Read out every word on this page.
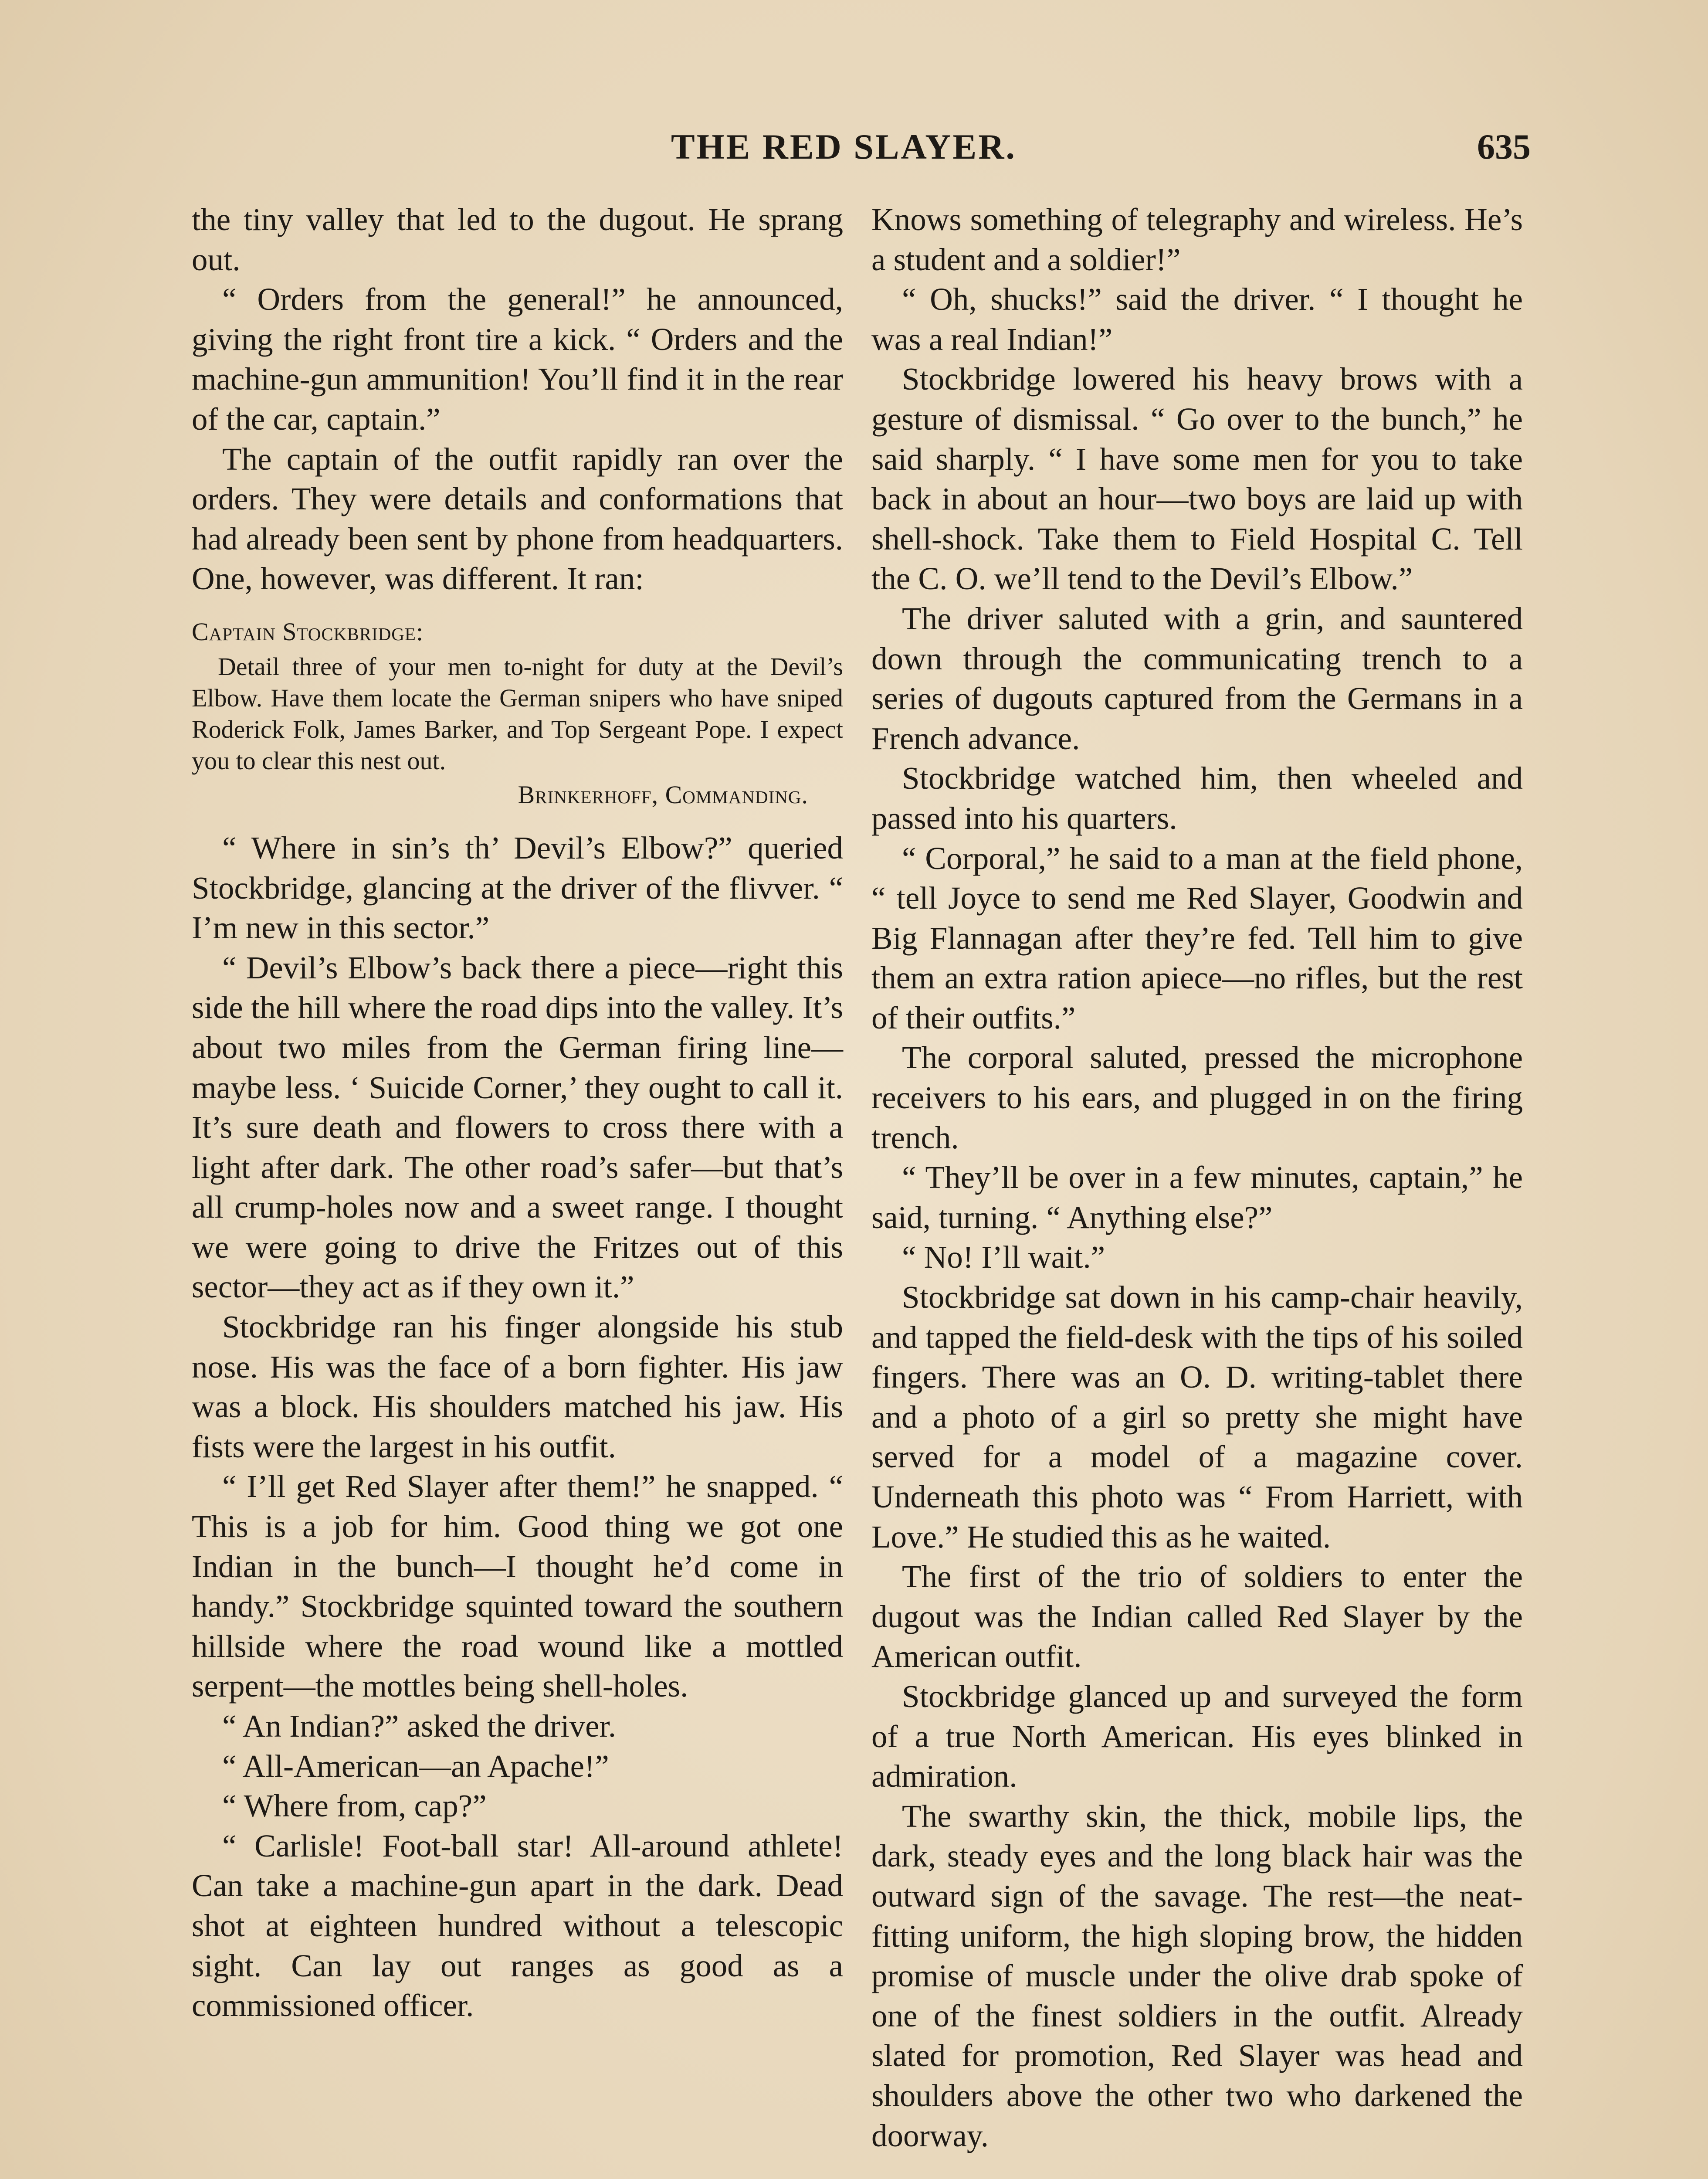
THE RED SLAYER.	635

the tiny valley that led to the dugout. He sprang out.

“ Orders from the general!” he announced, giving the right front tire a kick. “ Orders and the machine-gun ammunition! You’ll find it in the rear of the car, captain.”

The captain of the outfit rapidly ran over the orders. They were details and conformations that had already been sent by phone from headquarters. One, however, was different. It ran:

Captain Stockbridge:
Detail three of your men to-night for duty at the Devil’s Elbow. Have them locate the German snipers who have sniped Roderick Folk, James Barker, and Top Sergeant Pope. I expect you to clear this nest out.
Brinkerhoff, Commanding.

“ Where in sin’s th’ Devil’s Elbow?” queried Stockbridge, glancing at the driver of the flivver. “ I’m new in this sector.”

“ Devil’s Elbow’s back there a piece—right this side the hill where the road dips into the valley. It’s about two miles from the German firing line—maybe less. ‘ Suicide Corner,’ they ought to call it. It’s sure death and flowers to cross there with a light after dark. The other road’s safer—but that’s all crump-holes now and a sweet range. I thought we were going to drive the Fritzes out of this sector—they act as if they own it.”

Stockbridge ran his finger alongside his stub nose. His was the face of a born fighter. His jaw was a block. His shoulders matched his jaw. His fists were the largest in his outfit.

“ I’ll get Red Slayer after them!” he snapped. “ This is a job for him. Good thing we got one Indian in the bunch—I thought he’d come in handy.” Stockbridge squinted toward the southern hillside where the road wound like a mottled serpent—the mottles being shell-holes.

“ An Indian?” asked the driver.

“ All-American—an Apache!”

“ Where from, cap?”

“ Carlisle! Foot-ball star! All-around athlete! Can take a machine-gun apart in the dark. Dead shot at eighteen hundred without a telescopic sight. Can lay out ranges as good as a commissioned officer.

Knows something of telegraphy and wireless. He’s a student and a soldier!”

“ Oh, shucks!” said the driver. “ I thought he was a real Indian!”

Stockbridge lowered his heavy brows with a gesture of dismissal. “ Go over to the bunch,” he said sharply. “ I have some men for you to take back in about an hour—two boys are laid up with shell-shock. Take them to Field Hospital C. Tell the C. O. we’ll tend to the Devil’s Elbow.”

The driver saluted with a grin, and sauntered down through the communicating trench to a series of dugouts captured from the Germans in a French advance.

Stockbridge watched him, then wheeled and passed into his quarters.

“ Corporal,” he said to a man at the field phone, “ tell Joyce to send me Red Slayer, Goodwin and Big Flannagan after they’re fed. Tell him to give them an extra ration apiece—no rifles, but the rest of their outfits.”

The corporal saluted, pressed the microphone receivers to his ears, and plugged in on the firing trench.

“ They’ll be over in a few minutes, captain,” he said, turning. “ Anything else?”

“ No! I’ll wait.”

Stockbridge sat down in his camp-chair heavily, and tapped the field-desk with the tips of his soiled fingers. There was an O. D. writing-tablet there and a photo of a girl so pretty she might have served for a model of a magazine cover. Underneath this photo was “ From Harriett, with Love.” He studied this as he waited.

The first of the trio of soldiers to enter the dugout was the Indian called Red Slayer by the American outfit.

Stockbridge glanced up and surveyed the form of a true North American. His eyes blinked in admiration.

The swarthy skin, the thick, mobile lips, the dark, steady eyes and the long black hair was the outward sign of the savage. The rest—the neat-fitting uniform, the high sloping brow, the hidden promise of muscle under the olive drab spoke of one of the finest soldiers in the outfit. Already slated for promotion, Red Slayer was head and shoulders above the other two who darkened the doorway.
